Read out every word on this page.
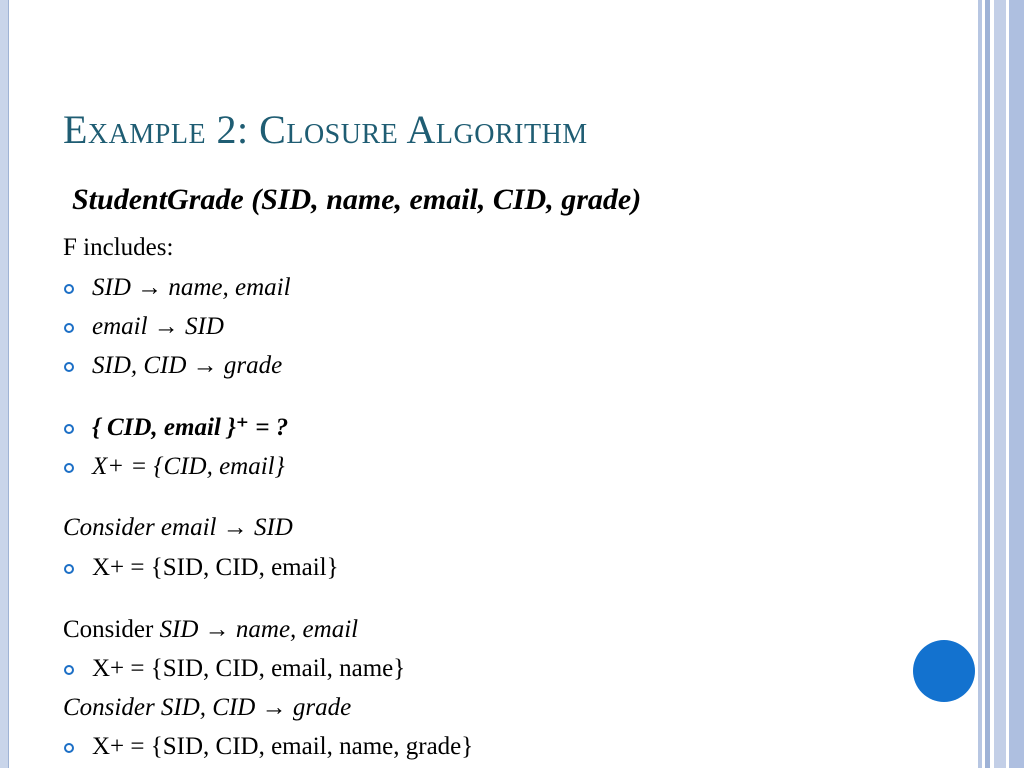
Example 2: Closure Algorithm

StudentGrade (SID, name, email, CID, grade)

F includes:

SID → name, email

email → SID

SID, CID → grade

{ CID, email }⁺ = ?

X+ = {CID, email}

Consider email → SID

X+ = {SID, CID, email}

Consider SID → name, email

X+ = {SID, CID, email, name}

Consider SID, CID → grade

X+ = {SID, CID, email, name, grade}
